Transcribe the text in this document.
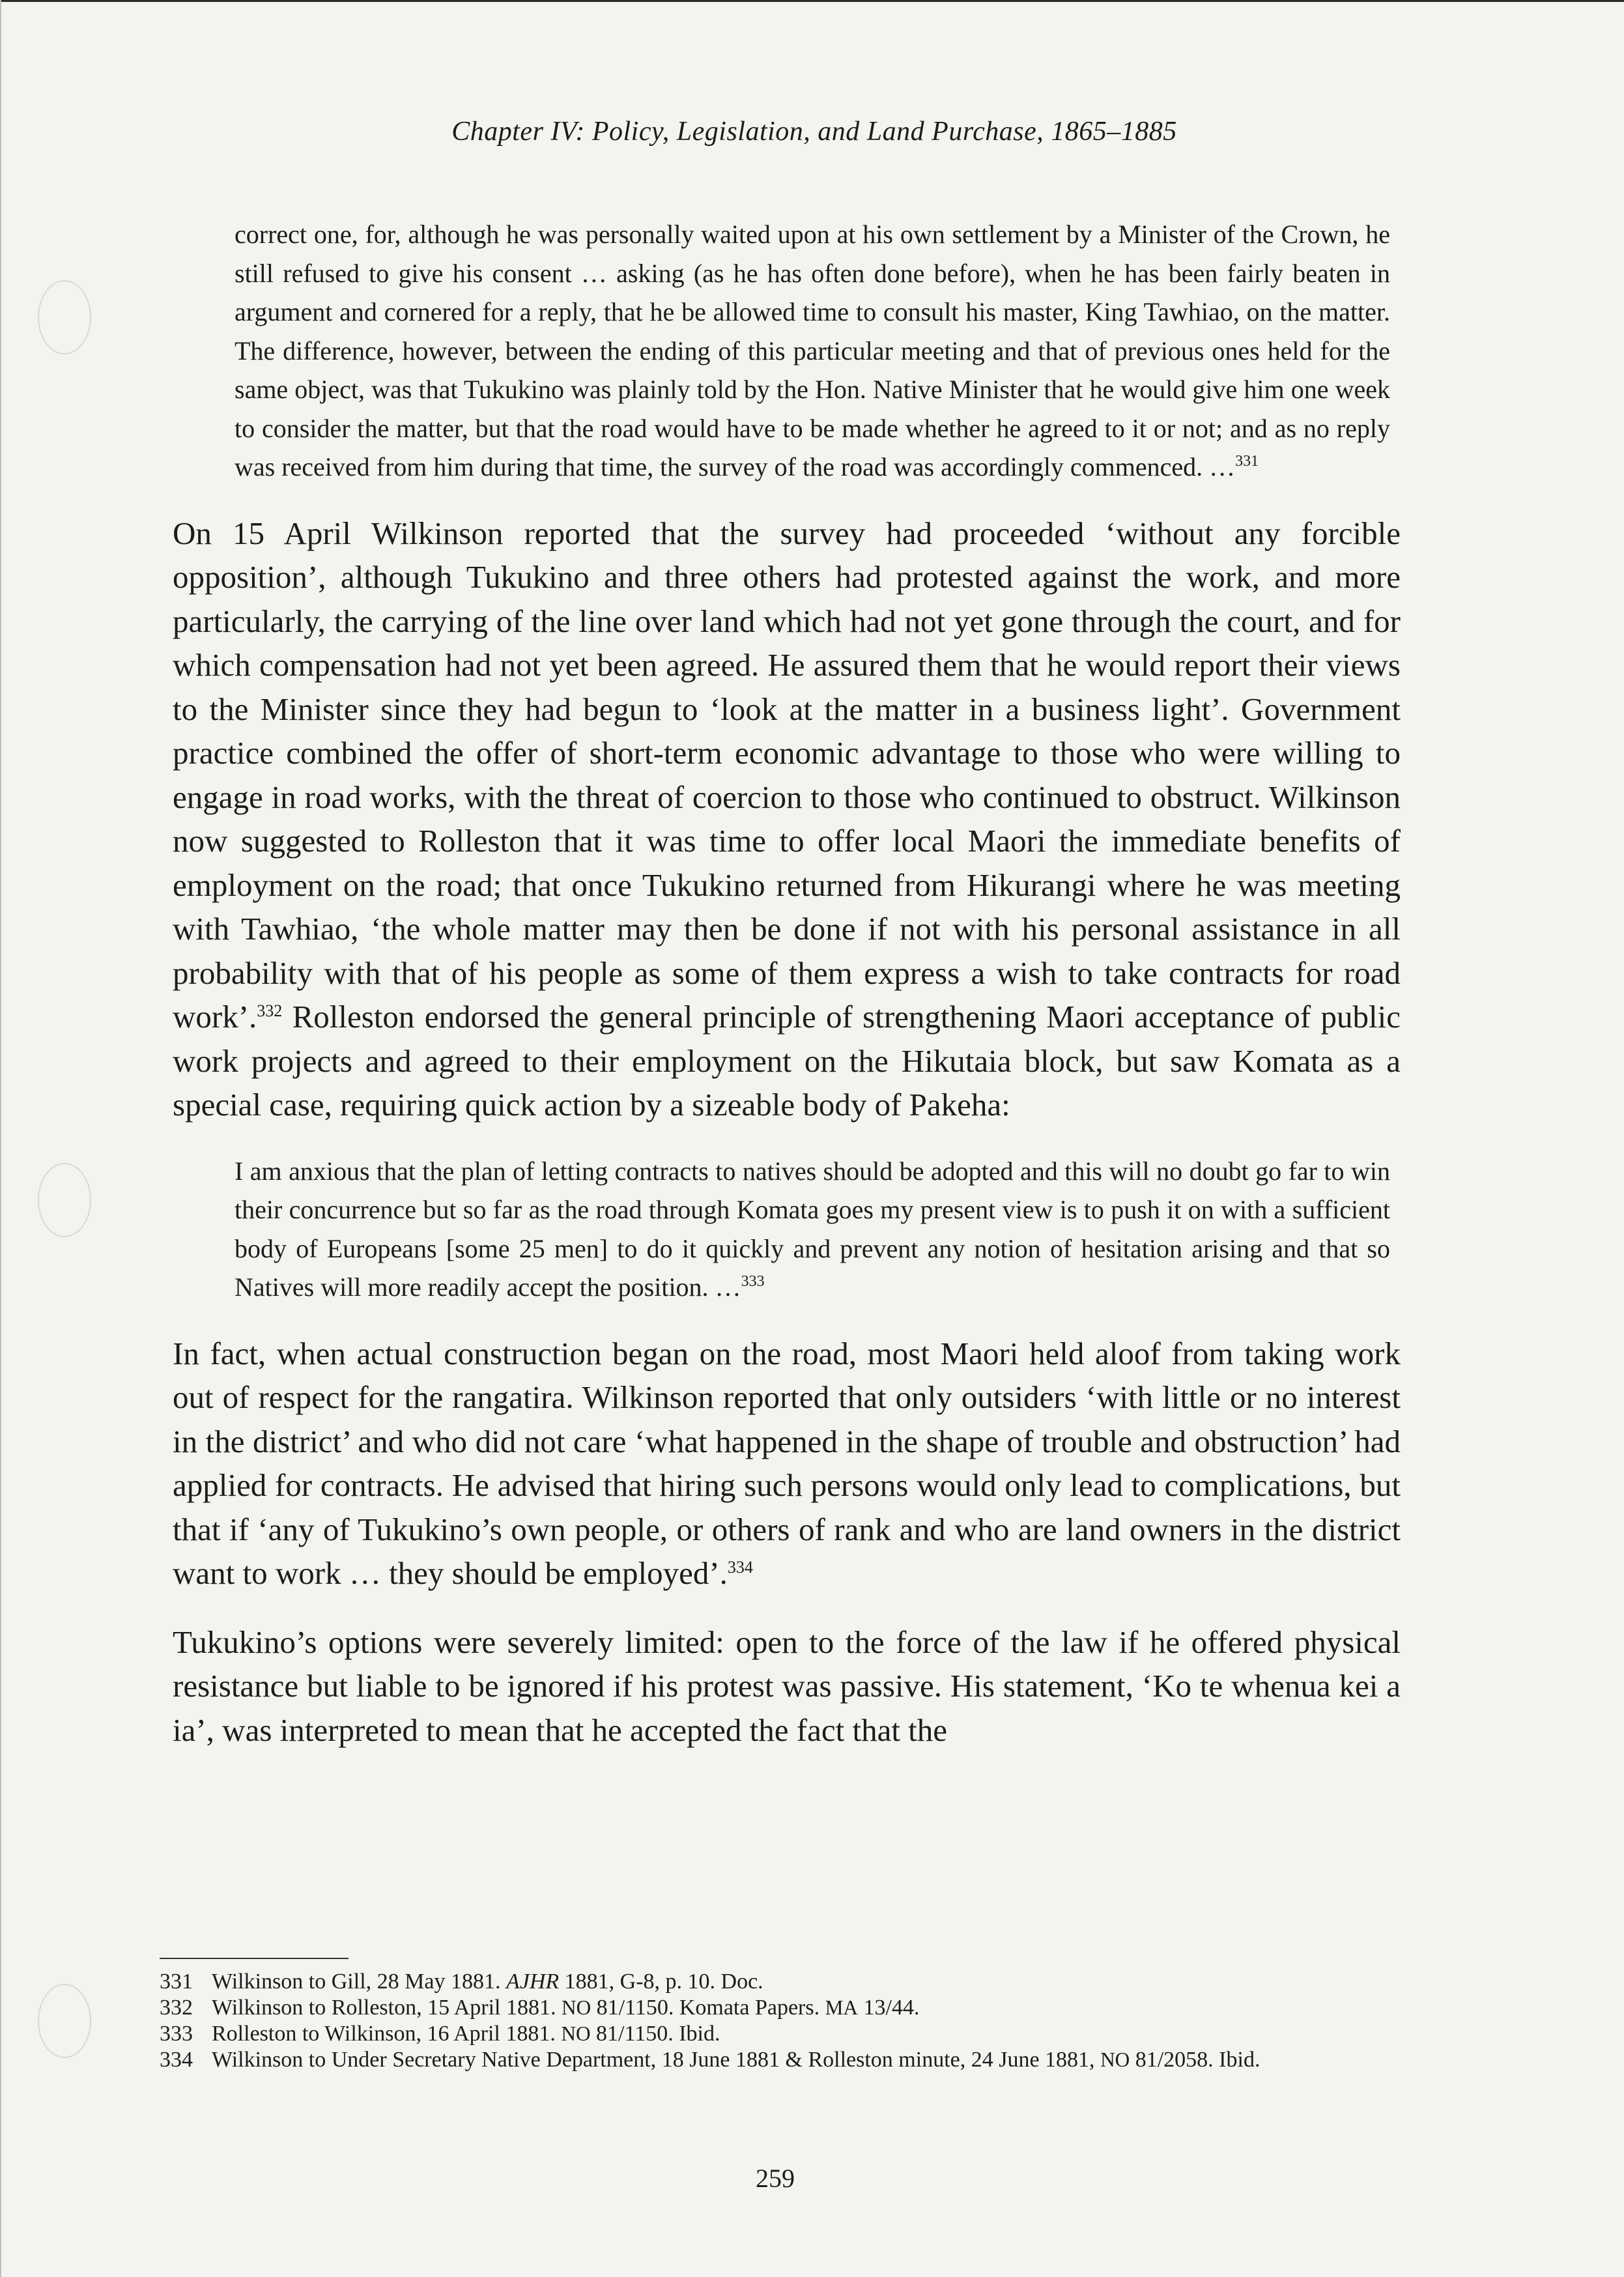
Chapter IV: Policy, Legislation, and Land Purchase, 1865–1885

correct one, for, although he was personally waited upon at his own settlement by a Minister of the Crown, he still refused to give his consent … asking (as he has often done before), when he has been fairly beaten in argument and cornered for a reply, that he be allowed time to consult his master, King Tawhiao, on the matter. The difference, however, between the ending of this particular meeting and that of previous ones held for the same object, was that Tukukino was plainly told by the Hon. Native Minister that he would give him one week to consider the matter, but that the road would have to be made whether he agreed to it or not; and as no reply was received from him during that time, the survey of the road was accordingly commenced. …$^{331}$

On 15 April Wilkinson reported that the survey had proceeded ‘without any forcible opposition’, although Tukukino and three others had protested against the work, and more particularly, the carrying of the line over land which had not yet gone through the court, and for which compensation had not yet been agreed. He assured them that he would report their views to the Minister since they had begun to ‘look at the matter in a business light’. Government practice combined the offer of short-term economic advantage to those who were willing to engage in road works, with the threat of coercion to those who continued to obstruct. Wilkinson now suggested to Rolleston that it was time to offer local Maori the immediate benefits of employment on the road; that once Tukukino returned from Hikurangi where he was meeting with Tawhiao, ‘the whole matter may then be done if not with his personal assistance in all probability with that of his people as some of them express a wish to take contracts for road work’.$^{332}$ Rolleston endorsed the general principle of strengthening Maori acceptance of public work projects and agreed to their employment on the Hikutaia block, but saw Komata as a special case, requiring quick action by a sizeable body of Pakeha:

I am anxious that the plan of letting contracts to natives should be adopted and this will no doubt go far to win their concurrence but so far as the road through Komata goes my present view is to push it on with a sufficient body of Europeans [some 25 men] to do it quickly and prevent any notion of hesitation arising and that so Natives will more readily accept the position. …$^{333}$

In fact, when actual construction began on the road, most Maori held aloof from taking work out of respect for the rangatira. Wilkinson reported that only outsiders ‘with little or no interest in the district’ and who did not care ‘what happened in the shape of trouble and obstruction’ had applied for contracts. He advised that hiring such persons would only lead to complications, but that if ‘any of Tukukino’s own people, or others of rank and who are land owners in the district want to work … they should be employed’.$^{334}$

Tukukino’s options were severely limited: open to the force of the law if he offered physical resistance but liable to be ignored if his protest was passive. His statement, ‘Ko te whenua kei a ia’, was interpreted to mean that he accepted the fact that the

331 Wilkinson to Gill, 28 May 1881. AJHR 1881, G-8, p. 10. Doc.
332 Wilkinson to Rolleston, 15 April 1881. NO 81/1150. Komata Papers. MA 13/44.
333 Rolleston to Wilkinson, 16 April 1881. NO 81/1150. Ibid.
334 Wilkinson to Under Secretary Native Department, 18 June 1881 & Rolleston minute, 24 June 1881, NO 81/2058. Ibid.
259
